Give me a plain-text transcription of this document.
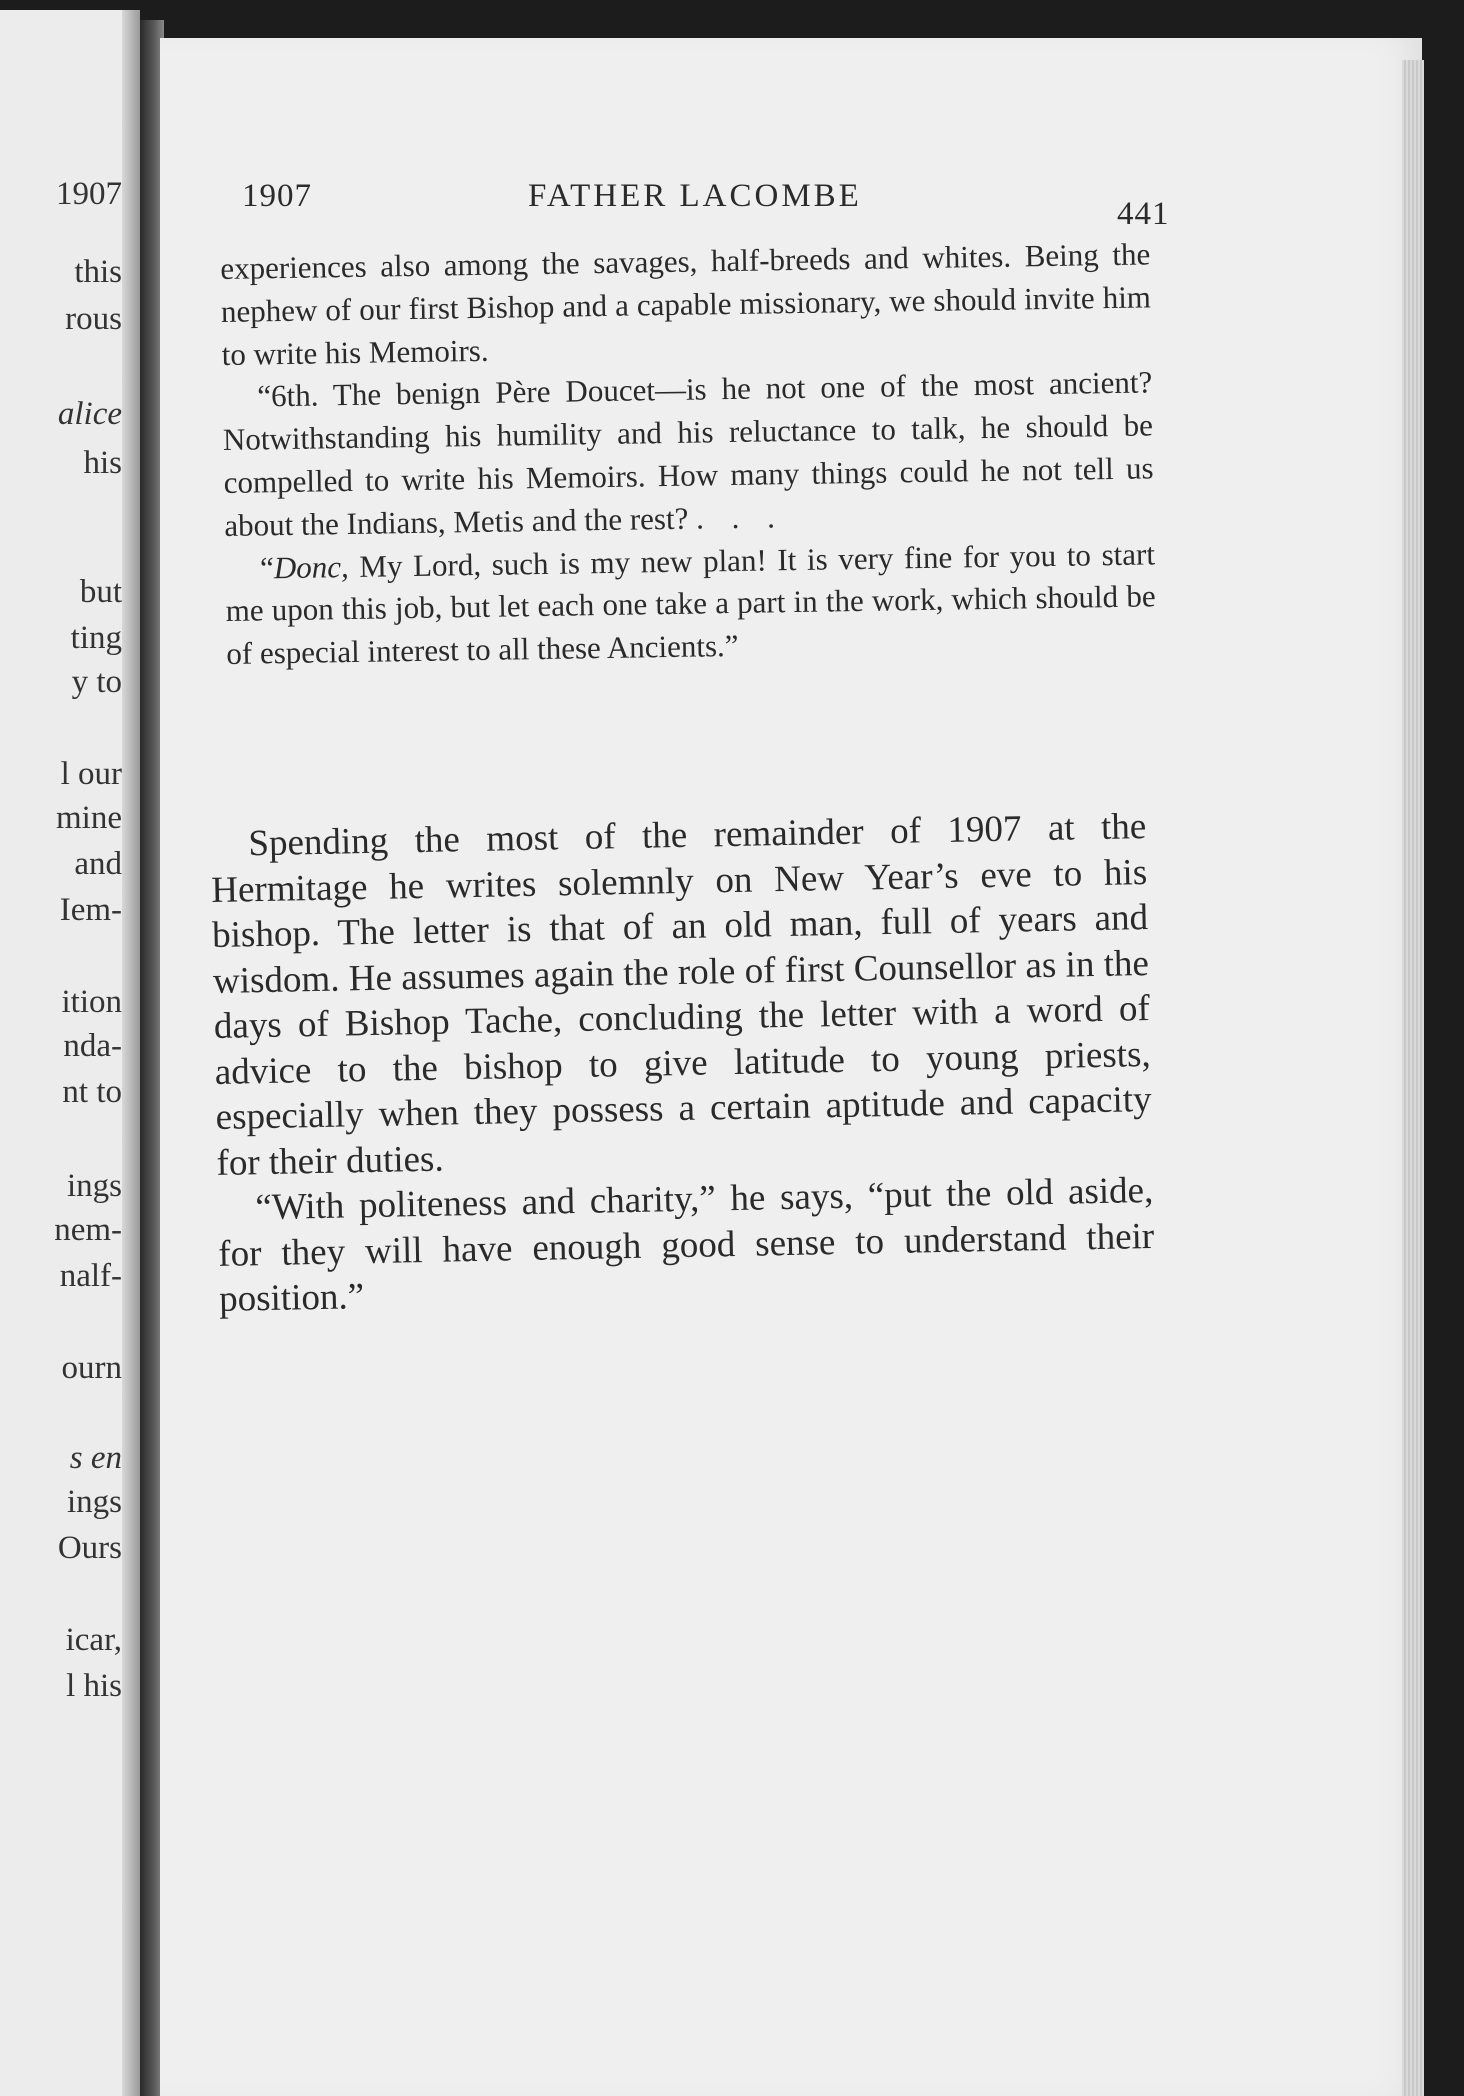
1907
this
rous
alice
his
but
ting
y to
l our
mine
and
Iem-
ition
nda-
nt to
ings
nem-
nalf-
ourn
s en
ings
Ours
icar,
l his
1907	FATHER LACOMBE	441

experiences also among the savages, half-breeds and whites. Being the nephew of our first Bishop and a capable missionary, we should invite him to write his Memoirs.

“6th. The benign Père Doucet—is he not one of the most ancient? Notwithstanding his humility and his reluctance to talk, he should be compelled to write his Memoirs. How many things could he not tell us about the Indians, Metis and the rest? . . .

“Donc, My Lord, such is my new plan! It is very fine for you to start me upon this job, but let each one take a part in the work, which should be of especial interest to all these Ancients.”

Spending the most of the remainder of 1907 at the Hermitage he writes solemnly on New Year’s eve to his bishop. The letter is that of an old man, full of years and wisdom. He assumes again the role of first Counsellor as in the days of Bishop Tache, concluding the letter with a word of advice to the bishop to give latitude to young priests, especially when they possess a certain aptitude and capacity for their duties.

“With politeness and charity,” he says, “put the old aside, for they will have enough good sense to understand their position.”
